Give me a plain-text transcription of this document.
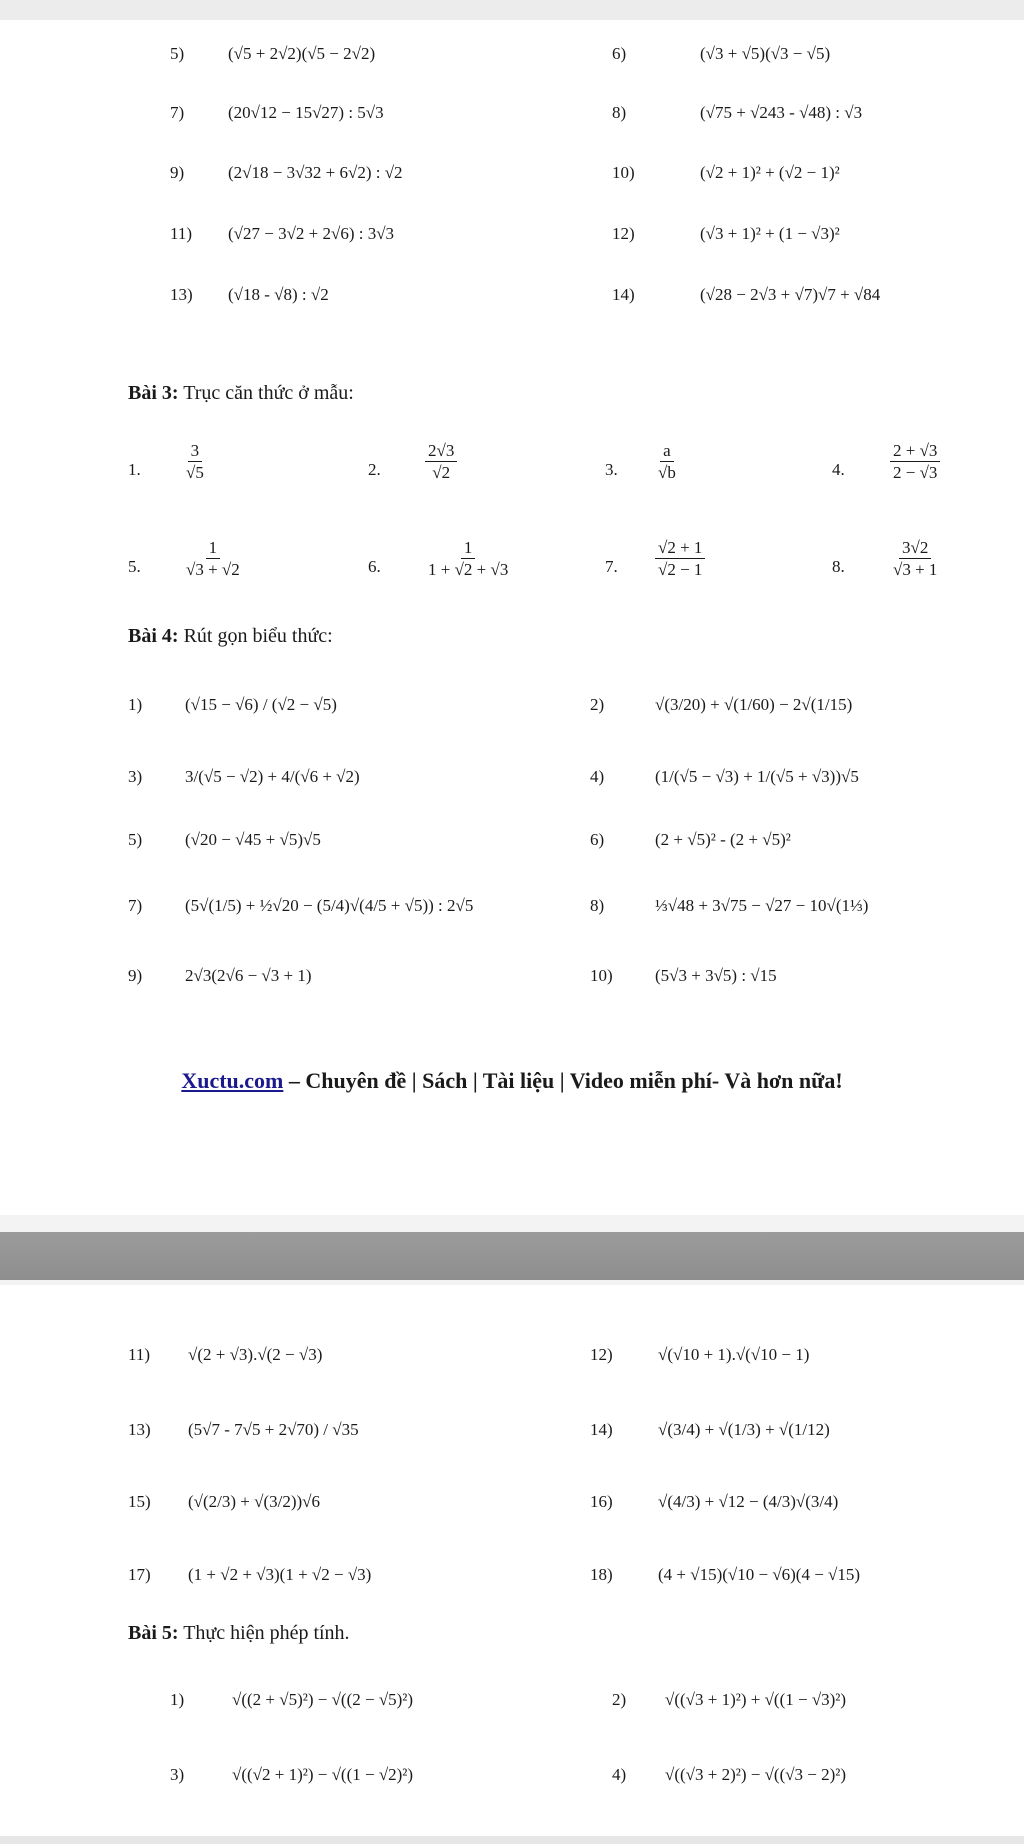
5)	(√5 + 2√2)(√5 − 2√2)	6)	(√3 + √5)(√3 − √5)
7)	(20√12 − 15√27) : 5√3	8)	(√75 + √243 - √48) : √3
9)	(2√18 − 3√32 + 6√2) : √2	10)	(√2 + 1)² + (√2 − 1)²
11) (√27 − 3√2 + 2√6) : 3√3	12)	(√3 + 1)² + (1 − √3)²
13) (√18 - √8) : √2	14)	(√28 − 2√3 + √7)√7 + √84
Bài 3: Trục căn thức ở mẫu:
1. $\frac{3}{√5}$	2.	$\frac{2√3}{√2}$	3. $\frac{a}{√b}$	4.	$\frac{2 + √3}{2 - √3}$
5. $\frac{1}{√3 + √2}$	6.	$\frac{1}{1 + √2 + √3}$	7. $\frac{√2 + 1}{√2 - 1}$	8.	$\frac{3√2}{√3 + 1}$
Bài 4: Rút gọn biểu thức:
1)	(√15 − √6) / (√2 − √5)	2)	√(3/20) + √(1/60) − 2√(1/15)
3)	3/(√5 − √2) + 4/(√6 + √2)	4)	(1/(√5 − √3) + 1/(√5 + √3))√5
5)	(√20 − √45 + √5)√5	6)	(2 + √5)² - (2 + √5)²
7)	(5√(1/5) + ½√20 − (5/4)√(4/5 + √5)) : 2√5	8)	⅓√48 + 3√75 − √27 − 10√(1⅓)
9)	2√3(2√6 − √3 + 1)	10) (5√3 + 3√5) : √15
Xuctu.com – Chuyên đề | Sách | Tài liệu | Video miễn phí- Và hơn nữa!
11) √(2 + √3).√(2 − √3)	12)	√(√10 + 1).√(√10 − 1)
13) (5√7 - 7√5 + 2√70) / √35	14)	√(3/4) + √(1/3) + √(1/12)
15) (√(2/3) + √(3/2))√6	16)	√(4/3) + √12 − (4/3)√(3/4)
17) (1 + √2 + √3)(1 + √2 − √3)	18)	(4 + √15)(√10 − √6)(4 − √15)
Bài 5: Thực hiện phép tính.
1)	√((2 + √5)²) − √((2 − √5)²)	2) √((√3 + 1)²) + √((1 − √3)²)
3)	√((√2 + 1)²) − √((1 − √2)²)	4) √((√3 + 2)²) − √((√3 − 2)²)
